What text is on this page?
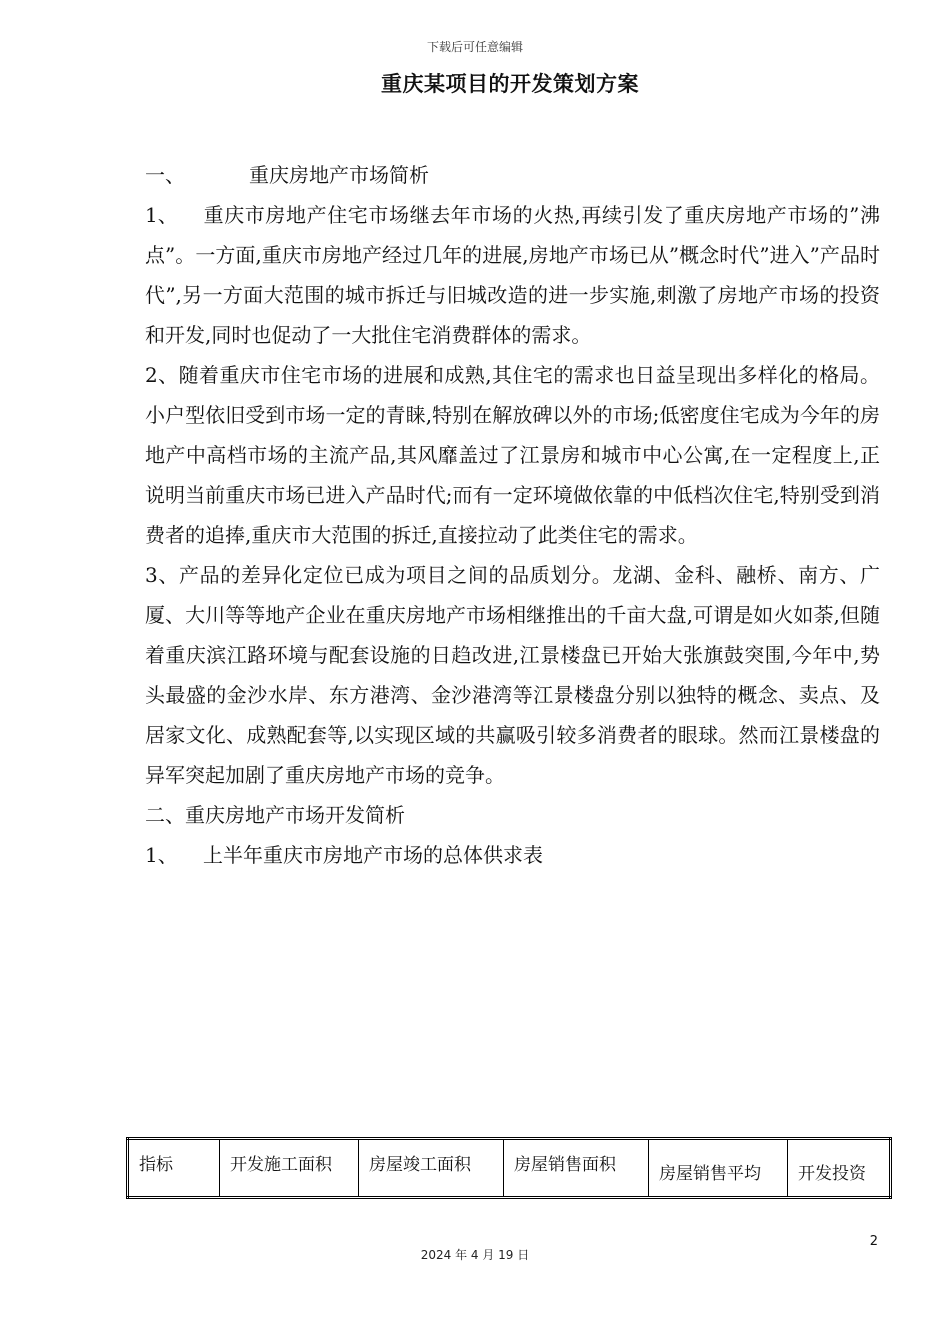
下载后可任意编辑
重庆某项目的开发策划方案

一、	重庆房地产市场简析

1、 重庆市房地产住宅市场继去年市场的火热,再续引发了重庆房地产市场的”沸点”。一方面,重庆市房地产经过几年的进展,房地产市场已从”概念时代”进入”产品时代”,另一方面大范围的城市拆迁与旧城改造的进一步实施,刺激了房地产市场的投资和开发,同时也促动了一大批住宅消费群体的需求。

2、随着重庆市住宅市场的进展和成熟,其住宅的需求也日益呈现出多样化的格局。小户型依旧受到市场一定的青睐,特别在解放碑以外的市场;低密度住宅成为今年的房地产中高档市场的主流产品,其风靡盖过了江景房和城市中心公寓,在一定程度上,正说明当前重庆市场已进入产品时代;而有一定环境做依靠的中低档次住宅,特别受到消费者的追捧,重庆市大范围的拆迁,直接拉动了此类住宅的需求。

3、产品的差异化定位已成为项目之间的品质划分。龙湖、金科、融桥、南方、广厦、大川等等地产企业在重庆房地产市场相继推出的千亩大盘,可谓是如火如荼,但随着重庆滨江路环境与配套设施的日趋改进,江景楼盘已开始大张旗鼓突围,今年中,势头最盛的金沙水岸、东方港湾、金沙港湾等江景楼盘分别以独特的概念、卖点、及居家文化、成熟配套等,以实现区域的共赢吸引较多消费者的眼球。然而江景楼盘的异军突起加剧了重庆房地产市场的竞争。

二、重庆房地产市场开发简析

1、 上半年重庆市房地产市场的总体供求表

指标	开发施工面积	房屋竣工面积	房屋销售面积	房屋销售平均	开发投资
2
2024 年 4 月 19 日
